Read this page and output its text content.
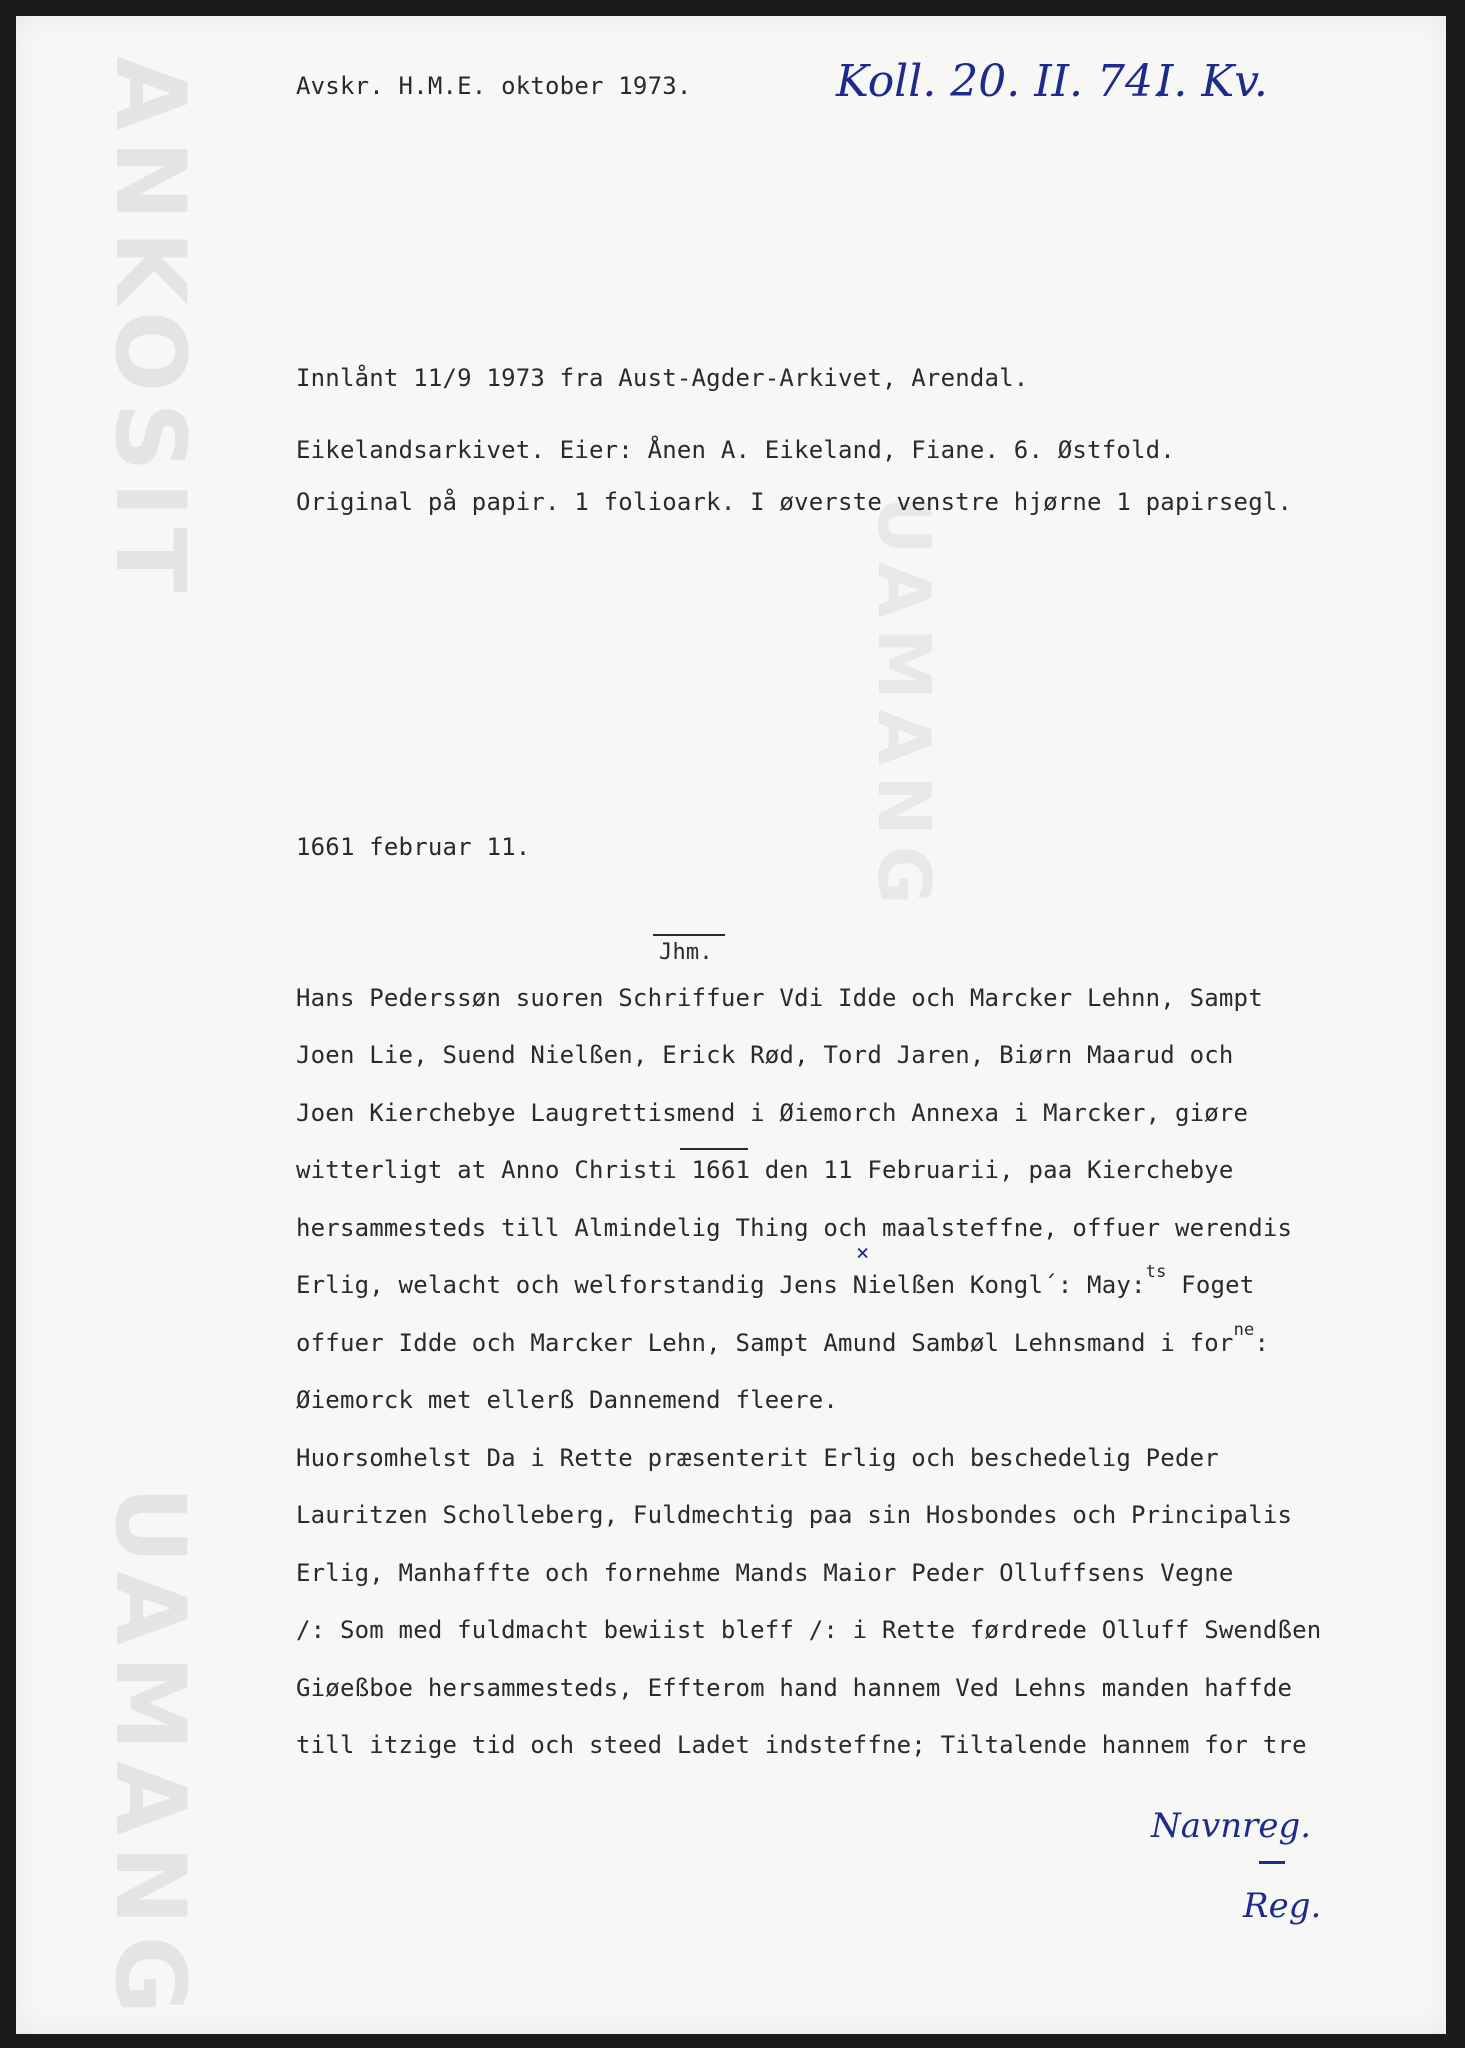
ANKOSIT
UAMANG
UAMANG
Avskr. H.M.E. oktober 1973.	Koll. 20. II. 74.
I. Kv.
Innlånt 11/9 1973 fra Aust-Agder-Arkivet, Arendal.
Eikelandsarkivet. Eier: Ånen A. Eikeland, Fiane. 6. Østfold.
Original på papir. 1 folioark. I øverste venstre hjørne 1 papirsegl.
1661 februar 11.
Jhm.
Hans Pederssøn suoren Schriffuer Vdi Idde och Marcker Lehnn, Sampt
Joen Lie, Suend Nielßen, Erick Rød, Tord Jaren, Biørn Maarud och
Joen Kierchebye Laugrettismend i Øiemorch Annexa i Marcker, giøre
witterligt at Anno Christi 1661 den 11 Februarii, paa Kierchebye
hersammesteds till Almindelig Thing och maalsteffne, offuer werendis
×
Erlig, welacht och welforstandig Jens Nielßen Kongl´: May:$^{ts}$ Foget
offuer Idde och Marcker Lehn, Sampt Amund Sambøl Lehnsmand i for$^{ne}$:
Øiemorck met ellerß Dannemend fleere.
Huorsomhelst Da i Rette præsenterit Erlig och beschedelig Peder
Lauritzen Scholleberg, Fuldmechtig paa sin Hosbondes och Principalis
Erlig, Manhaffte och fornehme Mands Maior Peder Olluffsens Vegne
/: Som med fuldmacht bewiist bleff /: i Rette førdrede Olluff Swendßen
Giøeßboe hersammesteds, Effterom hand hannem Ved Lehns manden haffde
till itzige tid och steed Ladet indsteffne; Tiltalende hannem for tre
Navnreg.
Reg.
